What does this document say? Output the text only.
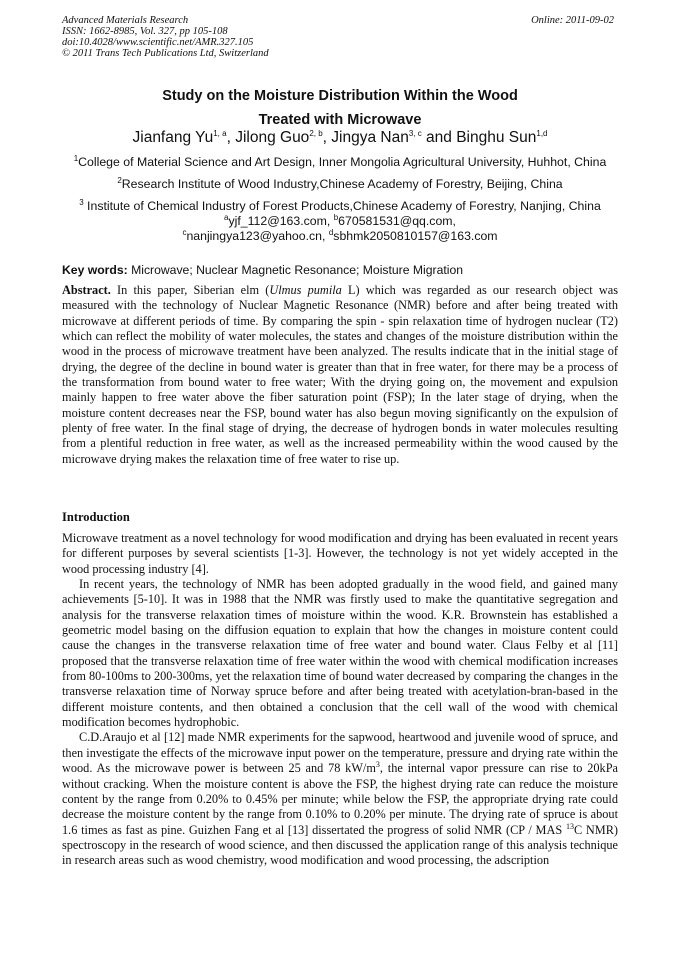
Advanced Materials Research
ISSN: 1662-8985, Vol. 327, pp 105-108
doi:10.4028/www.scientific.net/AMR.327.105
© 2011 Trans Tech Publications Ltd, Switzerland
Online: 2011-09-02
Study on the Moisture Distribution Within the Wood
Treated with Microwave
Jianfang Yu$^{1, a}$, Jilong Guo$^{2, b}$, Jingya Nan$^{3, c}$ and Binghu Sun$^{1,d}$
$^1$College of Material Science and Art Design, Inner Mongolia Agricultural University, Huhhot, China
$^2$Research Institute of Wood Industry,Chinese Academy of Forestry, Beijing, China
$^3$ Institute of Chemical Industry of Forest Products,Chinese Academy of Forestry, Nanjing, China
$^a$yjf_112@163.com, $^b$670581531@qq.com,
$^c$nanjingya123@yahoo.cn, $^d$sbhmk2050810157@163.com
Key words: Microwave; Nuclear Magnetic Resonance; Moisture Migration
Abstract. In this paper, Siberian elm (Ulmus pumila L) which was regarded as our research object was measured with the technology of Nuclear Magnetic Resonance (NMR) before and after being treated with microwave at different periods of time. By comparing the spin - spin relaxation time of hydrogen nuclear (T2) which can reflect the mobility of water molecules, the states and changes of the moisture distribution within the wood in the process of microwave treatment have been analyzed. The results indicate that in the initial stage of drying, the degree of the decline in bound water is greater than that in free water, for there may be a process of the transformation from bound water to free water; With the drying going on, the movement and expulsion mainly happen to free water above the fiber saturation point (FSP); In the later stage of drying, when the moisture content decreases near the FSP, bound water has also begun moving significantly on the expulsion of plenty of free water. In the final stage of drying, the decrease of hydrogen bonds in water molecules resulting from a plentiful reduction in free water, as well as the increased permeability within the wood caused by the microwave drying makes the relaxation time of free water to rise up.
Introduction

Microwave treatment as a novel technology for wood modification and drying has been evaluated in recent years for different purposes by several scientists [1-3]. However, the technology is not yet widely accepted in the wood processing industry [4].

In recent years, the technology of NMR has been adopted gradually in the wood field, and gained many achievements [5-10]. It was in 1988 that the NMR was firstly used to make the quantitative segregation and analysis for the transverse relaxation times of moisture within the wood. K.R. Brownstein has established a geometric model basing on the diffusion equation to explain that how the changes in moisture content could cause the changes in the transverse relaxation time of free water and bound water. Claus Felby et al [11] proposed that the transverse relaxation time of free water within the wood with chemical modification increases from 80-100ms to 200-300ms, yet the relaxation time of bound water decreased by comparing the changes in the transverse relaxation time of Norway spruce before and after being treated with acetylation-bran-based in the different moisture contents, and then obtained a conclusion that the cell wall of the wood with chemical modification becomes hydrophobic.

C.D.Araujo et al [12] made NMR experiments for the sapwood, heartwood and juvenile wood of spruce, and then investigate the effects of the microwave input power on the temperature, pressure and drying rate within the wood. As the microwave power is between 25 and 78 $kW/m^3$, the internal vapor pressure can rise to 20kPa without cracking. When the moisture content is above the FSP, the highest drying rate can reduce the moisture content by the range from 0.20% to 0.45% per minute; while below the FSP, the appropriate drying rate could decrease the moisture content by the range from 0.10% to 0.20% per minute. The drying rate of spruce is about 1.6 times as fast as pine. Guizhen Fang et al [13] dissertated the progress of solid NMR (CP / MAS $^{13}$C NMR) spectroscopy in the research of wood science, and then discussed the application range of this analysis technique in research areas such as wood chemistry, wood modification and wood processing, the adscription
